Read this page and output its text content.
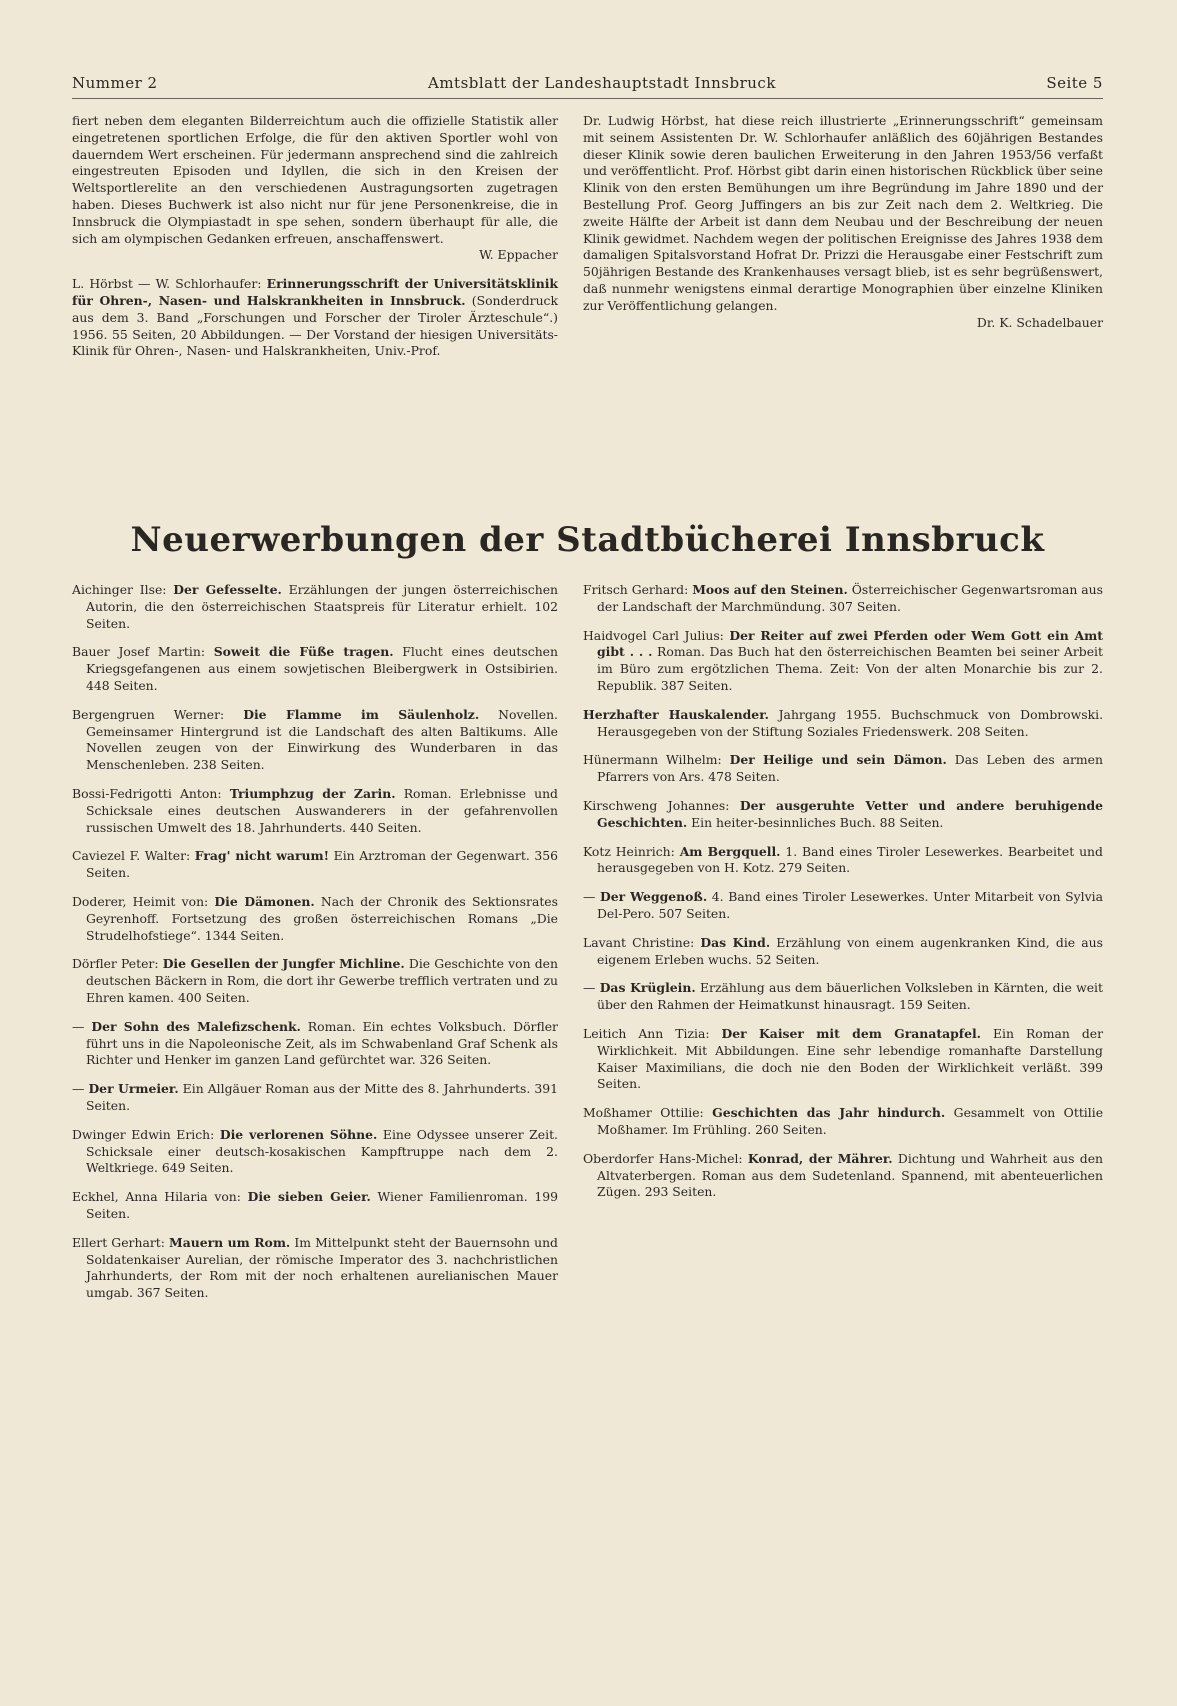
Nummer 2	Amtsblatt der Landeshauptstadt Innsbruck	Seite 5

fiert neben dem eleganten Bilderreichtum auch die offizielle Statistik aller eingetretenen sportlichen Erfolge, die für den aktiven Sportler wohl von dauerndem Wert erscheinen. Für jedermann ansprechend sind die zahlreich eingestreuten Episoden und Idyllen, die sich in den Kreisen der Weltsportlerelite an den verschiedenen Austragungsorten zugetragen haben. Dieses Buchwerk ist also nicht nur für jene Personenkreise, die in Innsbruck die Olympiastadt in spe sehen, sondern überhaupt für alle, die sich am olympischen Gedanken erfreuen, anschaffenswert.
W. Eppacher

L. Hörbst — W. Schlorhaufer: Erinnerungsschrift der Universitätsklinik für Ohren-, Nasen- und Halskrankheiten in Innsbruck. (Sonderdruck aus dem 3. Band „Forschungen und Forscher der Tiroler Ärzteschule“.) 1956. 55 Seiten, 20 Abbildungen. — Der Vorstand der hiesigen Universitäts-Klinik für Ohren-, Nasen- und Halskrankheiten, Univ.-Prof.

Dr. Ludwig Hörbst, hat diese reich illustrierte „Erinnerungsschrift“ gemeinsam mit seinem Assistenten Dr. W. Schlorhaufer anläßlich des 60jährigen Bestandes dieser Klinik sowie deren baulichen Erweiterung in den Jahren 1953/56 verfaßt und veröffentlicht. Prof. Hörbst gibt darin einen historischen Rückblick über seine Klinik von den ersten Bemühungen um ihre Begründung im Jahre 1890 und der Bestellung Prof. Georg Juffingers an bis zur Zeit nach dem 2. Weltkrieg. Die zweite Hälfte der Arbeit ist dann dem Neubau und der Beschreibung der neuen Klinik gewidmet. Nachdem wegen der politischen Ereignisse des Jahres 1938 dem damaligen Spitalsvorstand Hofrat Dr. Prizzi die Herausgabe einer Festschrift zum 50jährigen Bestande des Krankenhauses versagt blieb, ist es sehr begrüßenswert, daß nunmehr wenigstens einmal derartige Monographien über einzelne Kliniken zur Veröffentlichung gelangen.
Dr. K. Schadelbauer

Neuerwerbungen der Stadtbücherei Innsbruck

Aichinger Ilse: Der Gefesselte. Erzählungen der jungen österreichischen Autorin, die den österreichischen Staatspreis für Literatur erhielt. 102 Seiten.

Bauer Josef Martin: Soweit die Füße tragen. Flucht eines deutschen Kriegsgefangenen aus einem sowjetischen Bleibergwerk in Ostsibirien. 448 Seiten.

Bergengruen Werner: Die Flamme im Säulenholz. Novellen. Gemeinsamer Hintergrund ist die Landschaft des alten Baltikums. Alle Novellen zeugen von der Einwirkung des Wunderbaren in das Menschenleben. 238 Seiten.

Bossi-Fedrigotti Anton: Triumphzug der Zarin. Roman. Erlebnisse und Schicksale eines deutschen Auswanderers in der gefahrenvollen russischen Umwelt des 18. Jahrhunderts. 440 Seiten.

Caviezel F. Walter: Frag' nicht warum! Ein Arztroman der Gegenwart. 356 Seiten.

Doderer, Heimit von: Die Dämonen. Nach der Chronik des Sektionsrates Geyrenhoff. Fortsetzung des großen österreichischen Romans „Die Strudelhofstiege“. 1344 Seiten.

Dörfler Peter: Die Gesellen der Jungfer Michline. Die Geschichte von den deutschen Bäckern in Rom, die dort ihr Gewerbe trefflich vertraten und zu Ehren kamen. 400 Seiten.

— Der Sohn des Malefizschenk. Roman. Ein echtes Volksbuch. Dörfler führt uns in die Napoleonische Zeit, als im Schwabenland Graf Schenk als Richter und Henker im ganzen Land gefürchtet war. 326 Seiten.

— Der Urmeier. Ein Allgäuer Roman aus der Mitte des 8. Jahrhunderts. 391 Seiten.

Dwinger Edwin Erich: Die verlorenen Söhne. Eine Odyssee unserer Zeit. Schicksale einer deutsch-kosakischen Kampftruppe nach dem 2. Weltkriege. 649 Seiten.

Eckhel, Anna Hilaria von: Die sieben Geier. Wiener Familienroman. 199 Seiten.

Ellert Gerhart: Mauern um Rom. Im Mittelpunkt steht der Bauernsohn und Soldatenkaiser Aurelian, der römische Imperator des 3. nachchristlichen Jahrhunderts, der Rom mit der noch erhaltenen aurelianischen Mauer umgab. 367 Seiten.

Fritsch Gerhard: Moos auf den Steinen. Österreichischer Gegenwartsroman aus der Landschaft der Marchmündung. 307 Seiten.

Haidvogel Carl Julius: Der Reiter auf zwei Pferden oder Wem Gott ein Amt gibt . . . Roman. Das Buch hat den österreichischen Beamten bei seiner Arbeit im Büro zum ergötzlichen Thema. Zeit: Von der alten Monarchie bis zur 2. Republik. 387 Seiten.

Herzhafter Hauskalender. Jahrgang 1955. Buchschmuck von Dombrowski. Herausgegeben von der Stiftung Soziales Friedenswerk. 208 Seiten.

Hünermann Wilhelm: Der Heilige und sein Dämon. Das Leben des armen Pfarrers von Ars. 478 Seiten.

Kirschweng Johannes: Der ausgeruhte Vetter und andere beruhigende Geschichten. Ein heiter-besinnliches Buch. 88 Seiten.

Kotz Heinrich: Am Bergquell. 1. Band eines Tiroler Lesewerkes. Bearbeitet und herausgegeben von H. Kotz. 279 Seiten.

— Der Weggenoß. 4. Band eines Tiroler Lesewerkes. Unter Mitarbeit von Sylvia Del-Pero. 507 Seiten.

Lavant Christine: Das Kind. Erzählung von einem augenkranken Kind, die aus eigenem Erleben wuchs. 52 Seiten.

— Das Krüglein. Erzählung aus dem bäuerlichen Volksleben in Kärnten, die weit über den Rahmen der Heimatkunst hinausragt. 159 Seiten.

Leitich Ann Tizia: Der Kaiser mit dem Granatapfel. Ein Roman der Wirklichkeit. Mit Abbildungen. Eine sehr lebendige romanhafte Darstellung Kaiser Maximilians, die doch nie den Boden der Wirklichkeit verläßt. 399 Seiten.

Moßhamer Ottilie: Geschichten das Jahr hindurch. Gesammelt von Ottilie Moßhamer. Im Frühling. 260 Seiten.

Oberdorfer Hans-Michel: Konrad, der Mährer. Dichtung und Wahrheit aus den Altvaterbergen. Roman aus dem Sudetenland. Spannend, mit abenteuerlichen Zügen. 293 Seiten.
